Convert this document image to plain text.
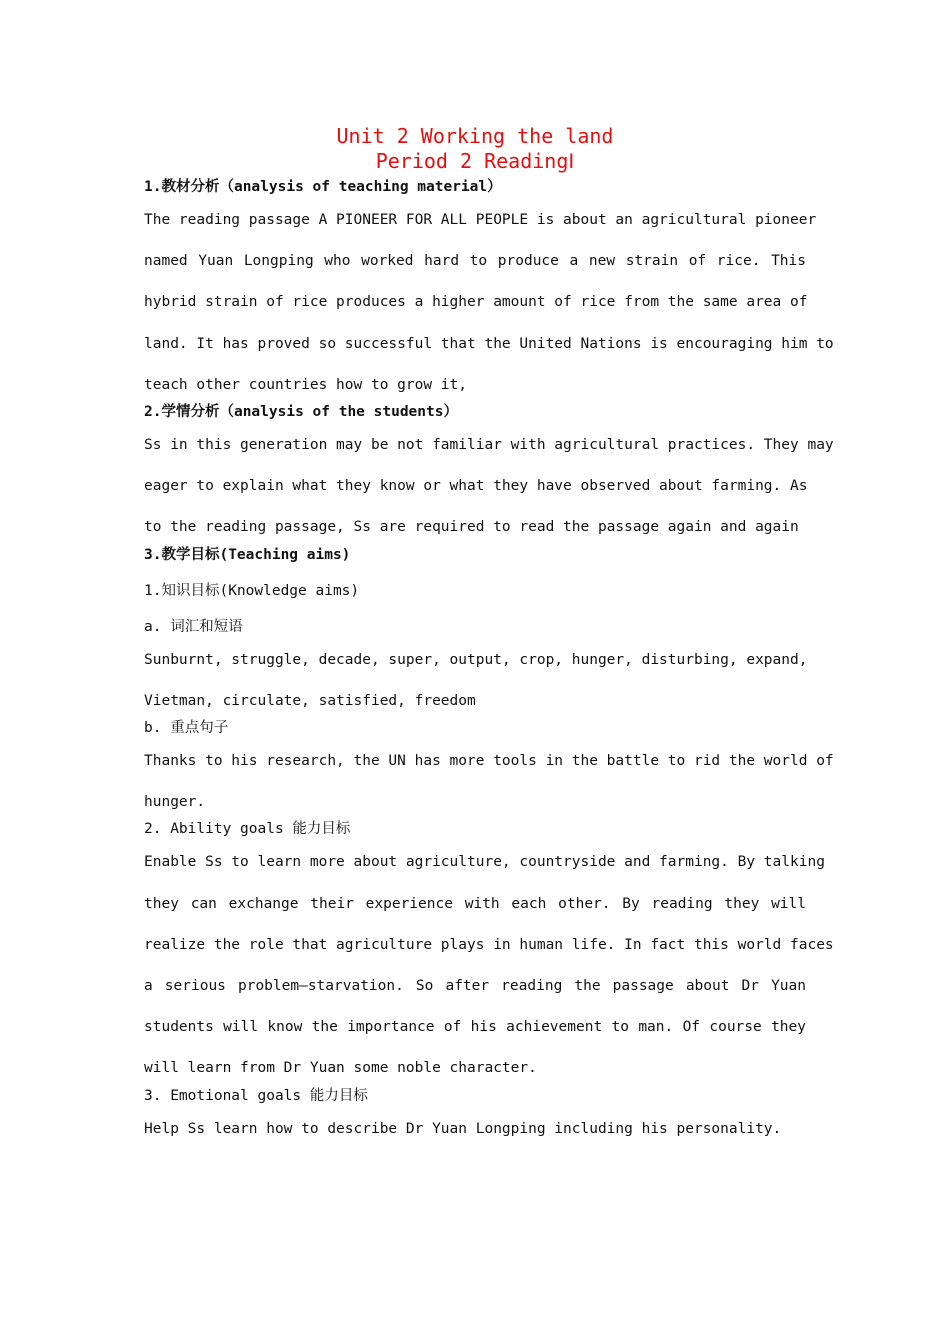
Unit 2 Working the land
Period 2 ReadingⅠ

1.教材分析（analysis of teaching material）

The reading passage A PIONEER FOR ALL PEOPLE is about an agricultural pioneer
named Yuan Longping who worked hard to produce a new strain of rice. This
hybrid strain of rice produces a higher amount of rice from the same area of
land. It has proved so successful that the United Nations is encouraging him to
teach other countries how to grow it,

2.学情分析（analysis of the students）

Ss in this generation may be not familiar with agricultural practices. They may
eager to explain what they know or what they have observed about farming. As
to the reading passage, Ss are required to read the passage again and again

3.教学目标(Teaching aims)

1.知识目标(Knowledge aims)

a. 词汇和短语

Sunburnt, struggle, decade, super, output, crop, hunger, disturbing, expand,
Vietman, circulate, satisfied, freedom

b. 重点句子

Thanks to his research, the UN has more tools in the battle to rid the world of
hunger.

2. Ability goals 能力目标

Enable Ss to learn more about agriculture, countryside and farming. By talking
they can exchange their experience with each other. By reading they will
realize the role that agriculture plays in human life. In fact this world faces
a serious problem—starvation. So after reading the passage about Dr Yuan
students will know the importance of his achievement to man. Of course they
will learn from Dr Yuan some noble character.

3. Emotional goals 能力目标

Help Ss learn how to describe Dr Yuan Longping including his personality.
